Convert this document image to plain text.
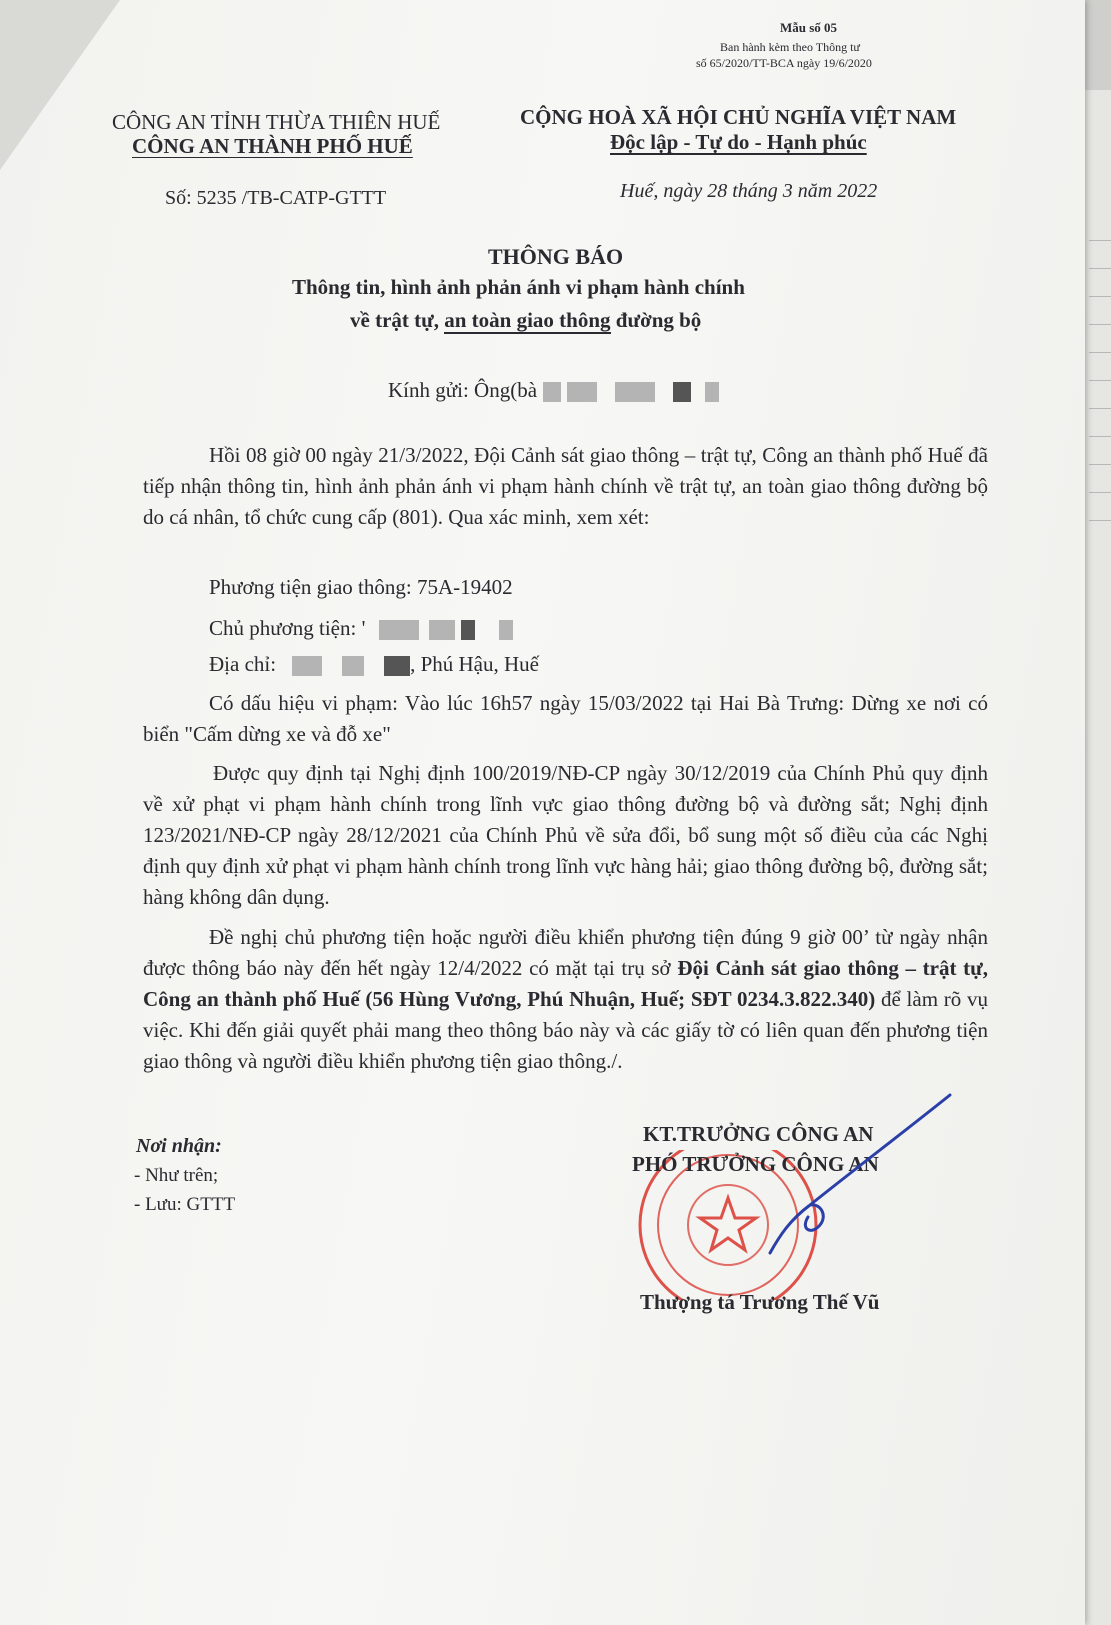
Mẫu số 05
Ban hành kèm theo Thông tư
số 65/2020/TT-BCA ngày 19/6/2020
CÔNG AN TỈNH THỪA THIÊN HUẾ
CÔNG AN THÀNH PHỐ HUẾ
CỘNG HOÀ XÃ HỘI CHỦ NGHĨA VIỆT NAM
Độc lập - Tự do - Hạnh phúc
Số: 5235 /TB-CATP-GTTT	Huế, ngày 28 tháng 3 năm 2022
THÔNG BÁO
Thông tin, hình ảnh phản ánh vi phạm hành chính
về trật tự, an toàn giao thông đường bộ
Kính gửi: Ông(bà
Hồi 08 giờ 00 ngày 21/3/2022, Đội Cảnh sát giao thông – trật tự, Công an thành phố Huế đã tiếp nhận thông tin, hình ảnh phản ánh vi phạm hành chính về trật tự, an toàn giao thông đường bộ do cá nhân, tổ chức cung cấp (801). Qua xác minh, xem xét:
Phương tiện giao thông: 75A-19402
Chủ phương tiện: '
Địa chỉ:	, Phú Hậu, Huế
Có dấu hiệu vi phạm: Vào lúc 16h57 ngày 15/03/2022 tại Hai Bà Trưng: Dừng xe nơi có biển "Cấm dừng xe và đỗ xe"
Được quy định tại Nghị định 100/2019/NĐ-CP ngày 30/12/2019 của Chính Phủ quy định về xử phạt vi phạm hành chính trong lĩnh vực giao thông đường bộ và đường sắt; Nghị định 123/2021/NĐ-CP ngày 28/12/2021 của Chính Phủ về sửa đổi, bổ sung một số điều của các Nghị định quy định xử phạt vi phạm hành chính trong lĩnh vực hàng hải; giao thông đường bộ, đường sắt; hàng không dân dụng.
Đề nghị chủ phương tiện hoặc người điều khiển phương tiện đúng 9 giờ 00’ từ ngày nhận được thông báo này đến hết ngày 12/4/2022 có mặt tại trụ sở Đội Cảnh sát giao thông – trật tự, Công an thành phố Huế (56 Hùng Vương, Phú Nhuận, Huế; SĐT 0234.3.822.340) để làm rõ vụ việc. Khi đến giải quyết phải mang theo thông báo này và các giấy tờ có liên quan đến phương tiện giao thông và người điều khiển phương tiện giao thông./.
Nơi nhận:
- Như trên;
- Lưu: GTTT
KT.TRƯỞNG CÔNG AN
PHÓ TRƯỞNG CÔNG AN
Thượng tá Trương Thế Vũ
